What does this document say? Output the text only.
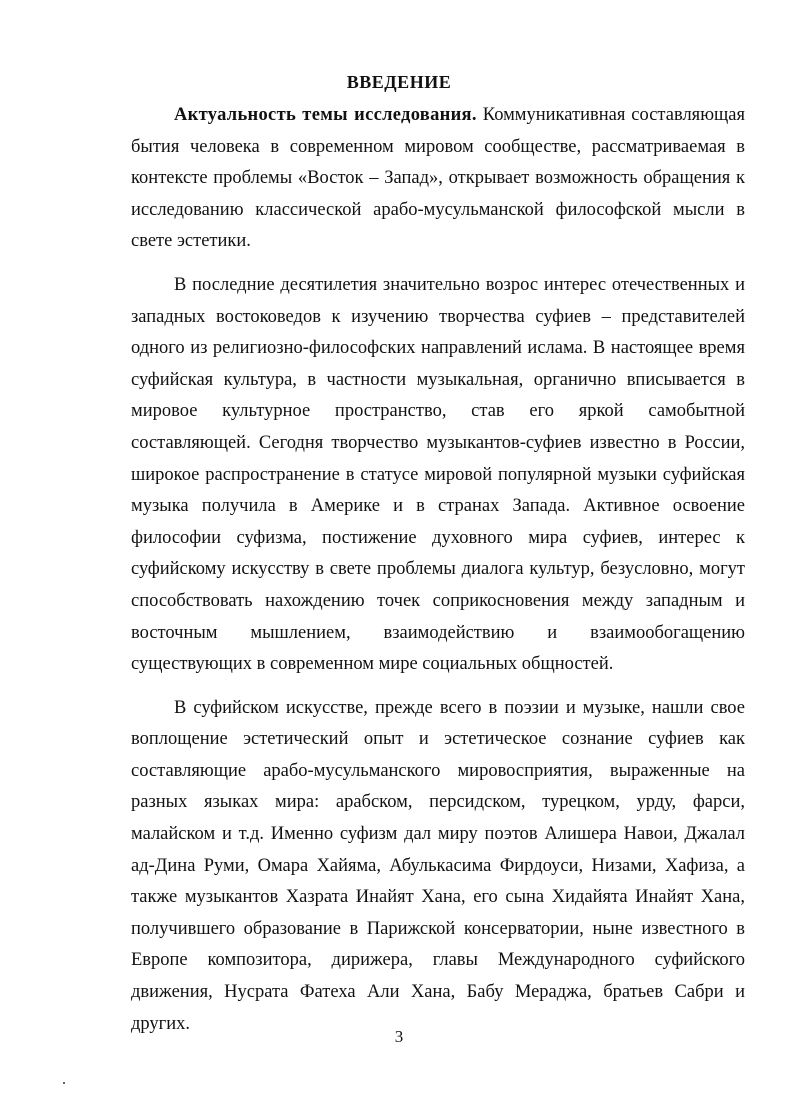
ВВЕДЕНИЕ

Актуальность темы исследования. Коммуникативная составляющая бытия человека в современном мировом сообществе, рассматриваемая в контексте проблемы «Восток – Запад», открывает возможность обращения к исследованию классической арабо-мусульманской философской мысли в свете эстетики.

В последние десятилетия значительно возрос интерес отечественных и западных востоковедов к изучению творчества суфиев – представителей одного из религиозно-философских направлений ислама. В настоящее время суфийская культура, в частности музыкальная, органично вписывается в мировое культурное пространство, став его яркой самобытной составляющей. Сегодня творчество музыкантов-суфиев известно в России, широкое распространение в статусе мировой популярной музыки суфийская музыка получила в Америке и в странах Запада. Активное освоение философии суфизма, постижение духовного мира суфиев, интерес к суфийскому искусству в свете проблемы диалога культур, безусловно, могут способствовать нахождению точек соприкосновения между западным и восточным мышлением, взаимодействию и взаимообогащению существующих в современном мире социальных общностей.

В суфийском искусстве, прежде всего в поэзии и музыке, нашли свое воплощение эстетический опыт и эстетическое сознание суфиев как составляющие арабо-мусульманского мировосприятия, выраженные на разных языках мира: арабском, персидском, турецком, урду, фарси, малайском и т.д. Именно суфизм дал миру поэтов Алишера Навои, Джалал ад-Дина Руми, Омара Хайяма, Абулькасима Фирдоуси, Низами, Хафиза, а также музыкантов Хазрата Инайят Хана, его сына Хидайята Инайят Хана, получившего образование в Парижской консерватории, ныне известного в Европе композитора, дирижера, главы Международного суфийского движения, Нусрата Фатеха Али Хана, Бабу Мераджа, братьев Сабри и других.

3
